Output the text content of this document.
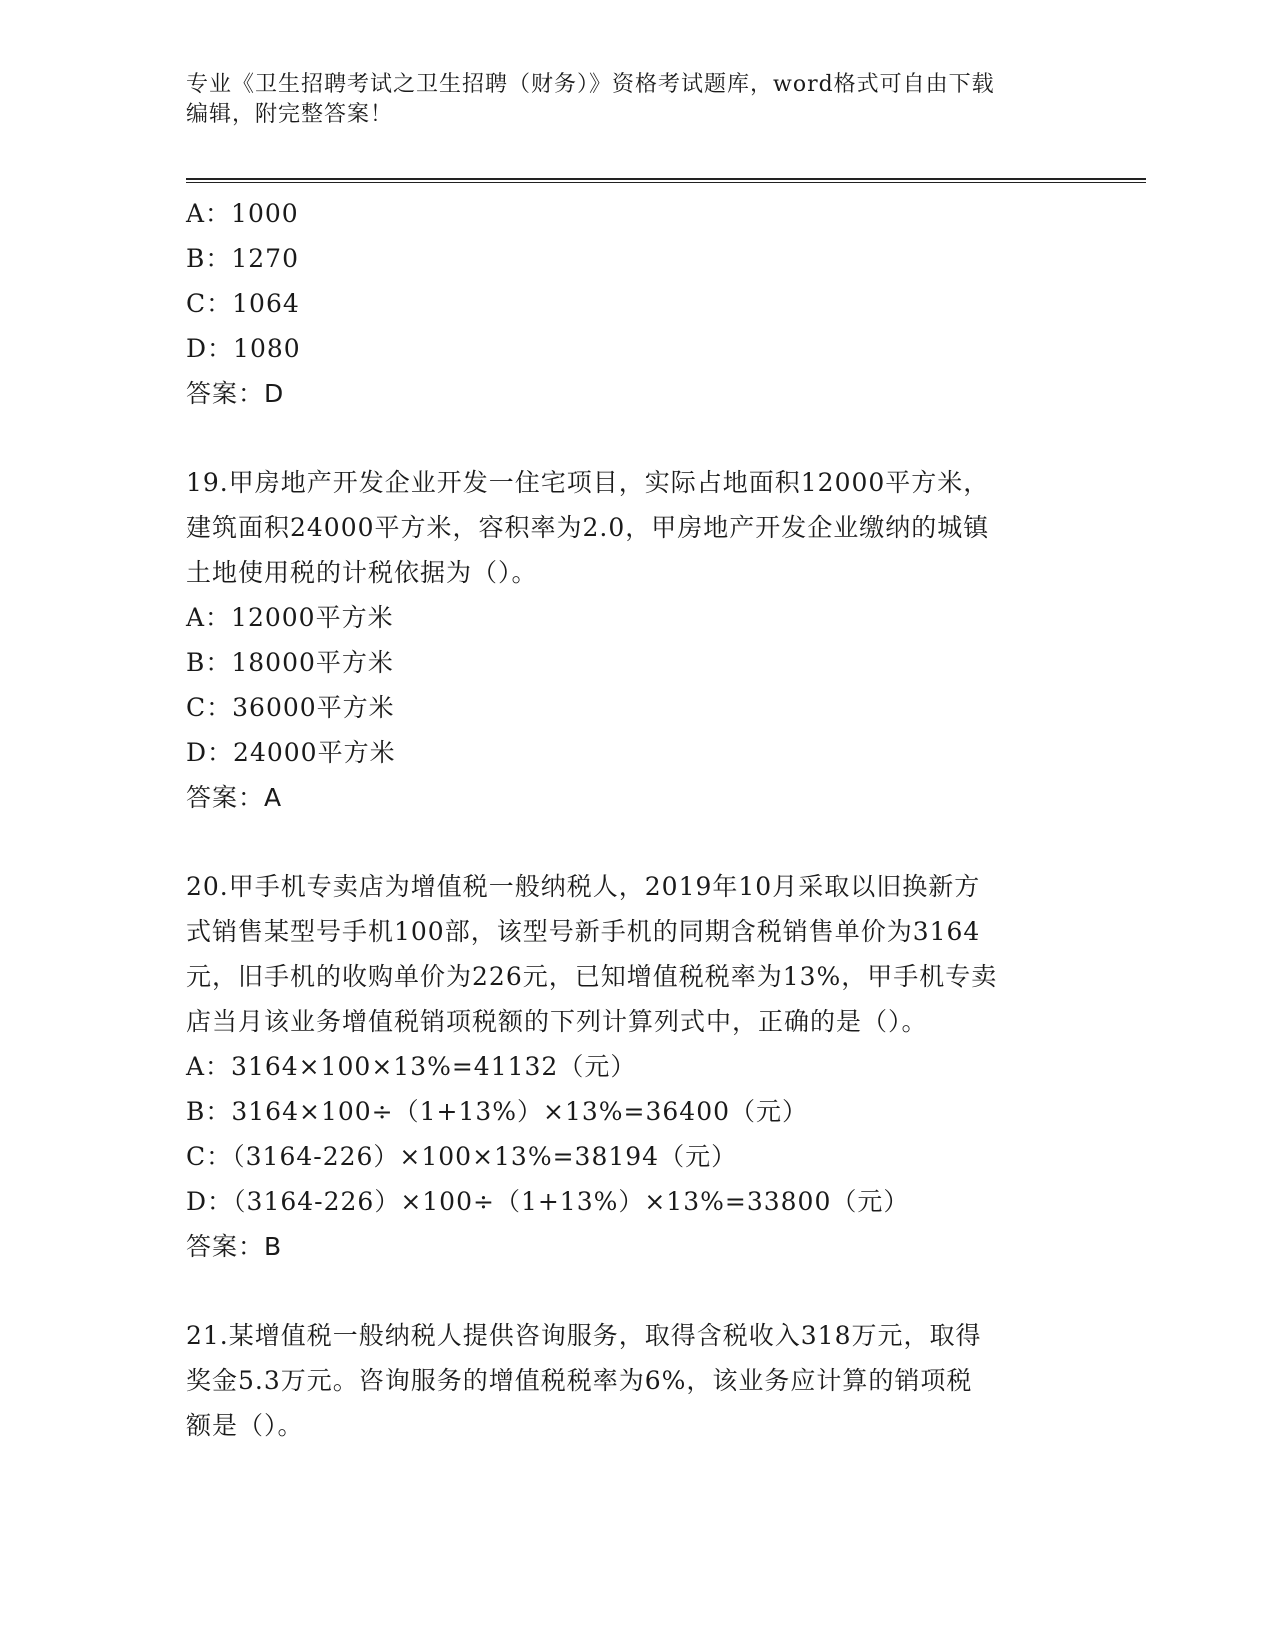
专业《卫生招聘考试之卫生招聘（财务）》资格考试题库，word格式可自由下载
编辑，附完整答案！
A：1000
B：1270
C：1064
D：1080
答案：D
19.甲房地产开发企业开发一住宅项目，实际占地面积12000平方米，
建筑面积24000平方米，容积率为2.0，甲房地产开发企业缴纳的城镇
土地使用税的计税依据为（）。
A：12000平方米
B：18000平方米
C：36000平方米
D：24000平方米
答案：A
20.甲手机专卖店为增值税一般纳税人，2019年10月采取以旧换新方
式销售某型号手机100部，该型号新手机的同期含税销售单价为3164
元，旧手机的收购单价为226元，已知增值税税率为13%，甲手机专卖
店当月该业务增值税销项税额的下列计算列式中，正确的是（）。
A：3164×100×13%=41132（元）
B：3164×100÷（1+13%）×13%=36400（元）
C：（3164-226）×100×13%=38194（元）
D：（3164-226）×100÷（1+13%）×13%=33800（元）
答案：B
21.某增值税一般纳税人提供咨询服务，取得含税收入318万元，取得
奖金5.3万元。咨询服务的增值税税率为6%，该业务应计算的销项税
额是（）。
